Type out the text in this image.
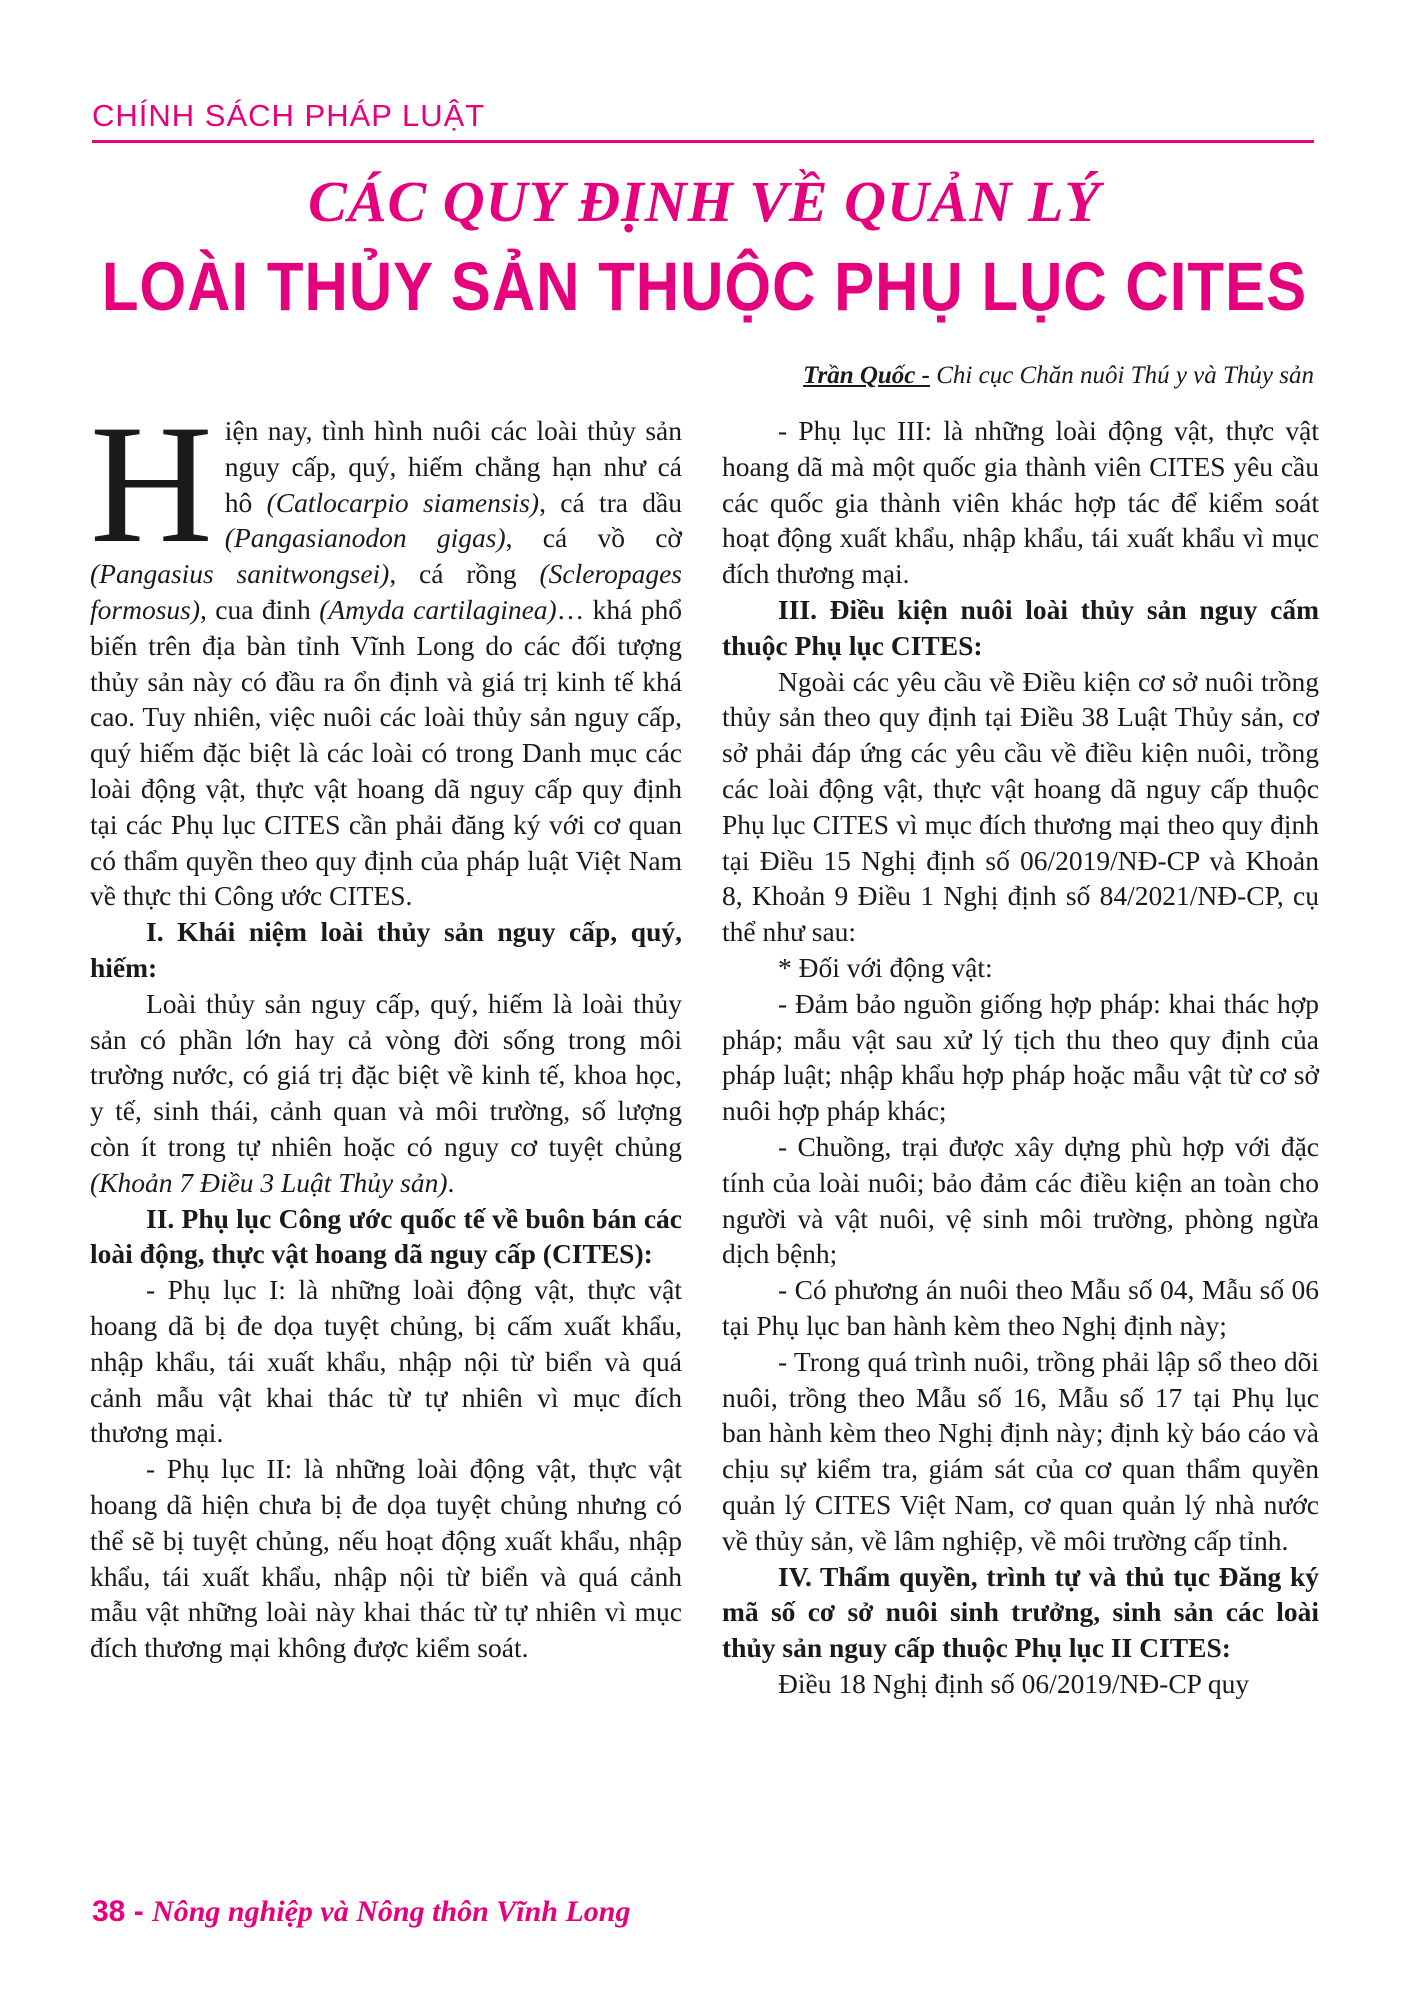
CHÍNH SÁCH PHÁP LUẬT
CÁC QUY ĐỊNH VỀ QUẢN LÝ
LOÀI THỦY SẢN THUỘC PHỤ LỤC CITES
Trần Quốc - Chi cục Chăn nuôi Thú y và Thủy sản

Hiện nay, tình hình nuôi các loài thủy sản nguy cấp, quý, hiếm chẳng hạn như cá hô (Catlocarpio siamensis), cá tra dầu (Pangasianodon gigas), cá vồ cờ (Pangasius sanitwongsei), cá rồng (Scleropages formosus), cua đinh (Amyda cartilaginea)… khá phổ biến trên địa bàn tỉnh Vĩnh Long do các đối tượng thủy sản này có đầu ra ổn định và giá trị kinh tế khá cao. Tuy nhiên, việc nuôi các loài thủy sản nguy cấp, quý hiếm đặc biệt là các loài có trong Danh mục các loài động vật, thực vật hoang dã nguy cấp quy định tại các Phụ lục CITES cần phải đăng ký với cơ quan có thẩm quyền theo quy định của pháp luật Việt Nam về thực thi Công ước CITES.

I. Khái niệm loài thủy sản nguy cấp, quý, hiếm:

Loài thủy sản nguy cấp, quý, hiếm là loài thủy sản có phần lớn hay cả vòng đời sống trong môi trường nước, có giá trị đặc biệt về kinh tế, khoa học, y tế, sinh thái, cảnh quan và môi trường, số lượng còn ít trong tự nhiên hoặc có nguy cơ tuyệt chủng (Khoản 7 Điều 3 Luật Thủy sản).

II. Phụ lục Công ước quốc tế về buôn bán các loài động, thực vật hoang dã nguy cấp (CITES):

- Phụ lục I: là những loài động vật, thực vật hoang dã bị đe dọa tuyệt chủng, bị cấm xuất khẩu, nhập khẩu, tái xuất khẩu, nhập nội từ biển và quá cảnh mẫu vật khai thác từ tự nhiên vì mục đích thương mại.

- Phụ lục II: là những loài động vật, thực vật hoang dã hiện chưa bị đe dọa tuyệt chủng nhưng có thể sẽ bị tuyệt chủng, nếu hoạt động xuất khẩu, nhập khẩu, tái xuất khẩu, nhập nội từ biển và quá cảnh mẫu vật những loài này khai thác từ tự nhiên vì mục đích thương mại không được kiểm soát.

- Phụ lục III: là những loài động vật, thực vật hoang dã mà một quốc gia thành viên CITES yêu cầu các quốc gia thành viên khác hợp tác để kiểm soát hoạt động xuất khẩu, nhập khẩu, tái xuất khẩu vì mục đích thương mại.

III. Điều kiện nuôi loài thủy sản nguy cấm thuộc Phụ lục CITES:

Ngoài các yêu cầu về Điều kiện cơ sở nuôi trồng thủy sản theo quy định tại Điều 38 Luật Thủy sản, cơ sở phải đáp ứng các yêu cầu về điều kiện nuôi, trồng các loài động vật, thực vật hoang dã nguy cấp thuộc Phụ lục CITES vì mục đích thương mại theo quy định tại Điều 15 Nghị định số 06/2019/NĐ-CP và Khoản 8, Khoản 9 Điều 1 Nghị định số 84/2021/NĐ-CP, cụ thể như sau:

* Đối với động vật:

- Đảm bảo nguồn giống hợp pháp: khai thác hợp pháp; mẫu vật sau xử lý tịch thu theo quy định của pháp luật; nhập khẩu hợp pháp hoặc mẫu vật từ cơ sở nuôi hợp pháp khác;

- Chuồng, trại được xây dựng phù hợp với đặc tính của loài nuôi; bảo đảm các điều kiện an toàn cho người và vật nuôi, vệ sinh môi trường, phòng ngừa dịch bệnh;

- Có phương án nuôi theo Mẫu số 04, Mẫu số 06 tại Phụ lục ban hành kèm theo Nghị định này;

- Trong quá trình nuôi, trồng phải lập sổ theo dõi nuôi, trồng theo Mẫu số 16, Mẫu số 17 tại Phụ lục ban hành kèm theo Nghị định này; định kỳ báo cáo và chịu sự kiểm tra, giám sát của cơ quan thẩm quyền quản lý CITES Việt Nam, cơ quan quản lý nhà nước về thủy sản, về lâm nghiệp, về môi trường cấp tỉnh.

IV. Thẩm quyền, trình tự và thủ tục Đăng ký mã số cơ sở nuôi sinh trưởng, sinh sản các loài thủy sản nguy cấp thuộc Phụ lục II CITES:

Điều 18 Nghị định số 06/2019/NĐ-CP quy

38 - Nông nghiệp và Nông thôn Vĩnh Long
